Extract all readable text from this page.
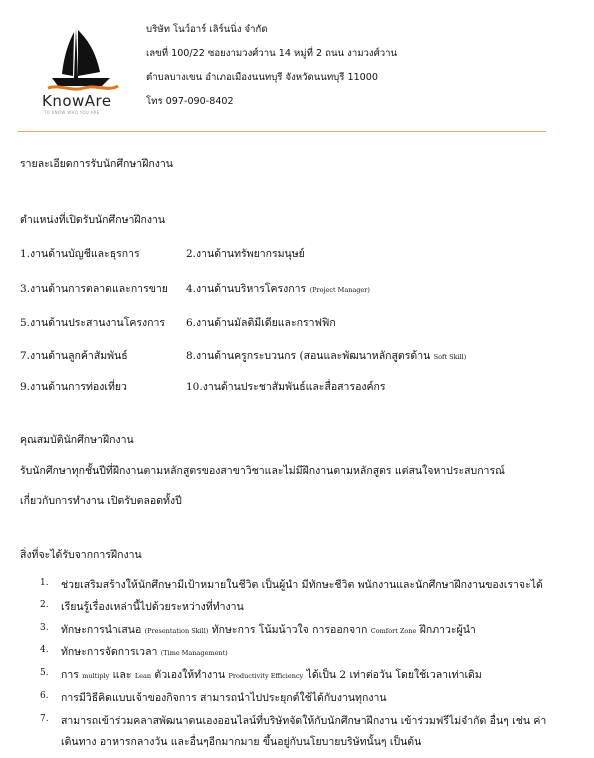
KnowAre
TO KNOW WHO YOU ARE
บริษัท โนว์อาร์ เลิร์นนิ่ง จำกัด
เลขที่ 100/22 ซอยงามวงศ์วาน 14 หมู่ที่ 2 ถนน งามวงศ์วาน
ตำบลบางเขน อำเภอเมืองนนทบุรี จังหวัดนนทบุรี 11000
โทร 097-090-8402
รายละเอียดการรับนักศึกษาฝึกงาน
ตำแหน่งที่เปิดรับนักศึกษาฝึกงาน
1.งานด้านบัญชีและธุรการ	2.งานด้านทรัพยากรมนุษย์
3.งานด้านการตลาดและการขาย 4.งานด้านบริหารโครงการ (Project Manager)
5.งานด้านประสานงานโครงการ 6.งานด้านมัลติมีเดียและกราฟฟิก
7.งานด้านลูกค้าสัมพันธ์	8.งานด้านครูกระบวนกร (สอนและพัฒนาหลักสูตรด้าน Soft Skill)
9.งานด้านการท่องเที่ยว	10.งานด้านประชาสัมพันธ์และสื่อสารองค์กร
คุณสมบัตินักศึกษาฝึกงาน
รับนักศึกษาทุกชั้นปีที่ฝึกงานตามหลักสูตรของสาขาวิชาและไม่มีฝึกงานตามหลักสูตร แต่สนใจหาประสบการณ์
เกี่ยวกับการทำงาน เปิดรับตลอดทั้งปี
สิ่งที่จะได้รับจากการฝึกงาน
1. ช่วยเสริมสร้างให้นักศึกษามีเป้าหมายในชีวิต เป็นผู้นำ มีทักษะชีวิต พนักงานและนักศึกษาฝึกงานของเราจะได้
2. เรียนรู้เรื่องเหล่านี้ไปด้วยระหว่างที่ทำงาน
3. ทักษะการนำเสนอ (Presentation Skill) ทักษะการ โน้มน้าวใจ การออกจาก Comfort Zone ฝึกภาวะผู้นำ
4. ทักษะการจัดการเวลา (Time Management)
5. การ multiply และ Lean ตัวเองให้ทำงาน Productivity Efficiency ได้เป็น 2 เท่าต่อวัน โดยใช้เวลาเท่าเดิม
6. การมีวิธีคิดแบบเจ้าของกิจการ สามารถนำไปประยุกต์ใช้ได้กับงานทุกงาน
7. สามารถเข้าร่วมคลาสพัฒนาตนเองออนไลน์ที่บริษัทจัดให้กับนักศึกษาฝึกงาน เข้าร่วมฟรีไม่จำกัด อื่นๆ เช่น ค่า
เดินทาง อาหารกลางวัน และอื่นๆอีกมากมาย ขึ้นอยู่กับนโยบายบริษัทนั้นๆ เป็นต้น
